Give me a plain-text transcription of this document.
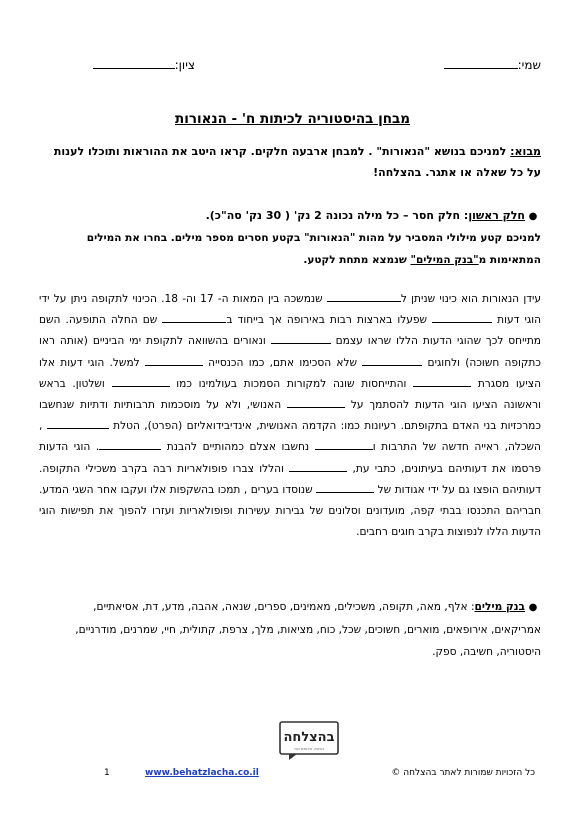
שמי:
ציון:
מבחן בהיסטוריה לכיתות ח' - הנאורות
מבוא: למניכם בנושא "הנאורות" . למבחן ארבעה חלקים. קראו היטב את ההוראות ותוכלו לענות על כל שאלה או אתגר. בהצלחה!
●חלק ראשון: חלק חסר – כל מילה נכונה 2 נק' ( 30 נק' סה"כ).
למניכם קטע מילולי המסביר על מהות "הנאורות" בקטע חסרים מספר מילים. בחרו את המילים המתאימות מ"בנק המילים" שנמצא מתחת לקטע.
עידן הנאורות הוא כינוי שניתן ל שנמשכה בין המאות ה- 17 וה- 18. הכינוי לתקופה ניתן על ידי הוגי דעות  שפעלו בארצות רבות באירופה אך בייחוד ב שם החלה התופעה. השם מתייחס לכך שהוגי הדעות הללו שראו עצמם  ונאורים בהשוואה לתקופת ימי הביניים (אותה ראו כתקופה חשוכה) ולחוגים  שלא הסכימו אתם, כמו הכנסייה  למשל. הוגי דעות אלו הציעו מסגרת  והתייחסות שונה למקורות הסמכות בעולמינו כמו  ושלטון. בראש וראשונה הציעו הוגי הדעות להסתמך על  האנושי, ולא על מוסכמות תרבותיות ודתיות שנחשבו כמרכזיות בני האדם בתקופתם. רעיונות כמו: הקדמה האנושית, אינדיבידואליזם (הפרט), הטלת  , השכלה, ראייה חדשה של התרבות ו נחשבו אצלם כמהותיים להבנת . הוגי הדעות פרסמו את דעותיהם בעיתונים, כתבי עת,  והללו צברו פופולאריות רבה בקרב משכילי התקופה. דעותיהם הופצו גם על ידי אגודות של  שנוסדו בערים , תמכו בהשקפות אלו ועקבו אחר השגי המדע. חבריהם התכנסו בבתי קפה, מועדונים וסלונים של גבירות עשירות ופופולאריות ועזרו להפוך את תפישות הוגי הדעות הללו לנפוצות בקרב חוגים רחבים.
●בנק מילים: אלף, מאה, תקופה, משכילים, מאמינים, ספרים, שנאה, אהבה, מדע, דת, אסיאתיים, אמריקאים, אירופאים, מוארים, חשוכים, שכל, כוח, מציאות, מלך, צרפת, קתולית, חיי, שמרנים, מודרניים, היסטוריה, חשיבה, ספק.
בהצלחה
בחינות, סיכומים ועוד
כל הזכויות שמורות לאתר בהצלחה ©
www.behatzlacha.co.il
1
